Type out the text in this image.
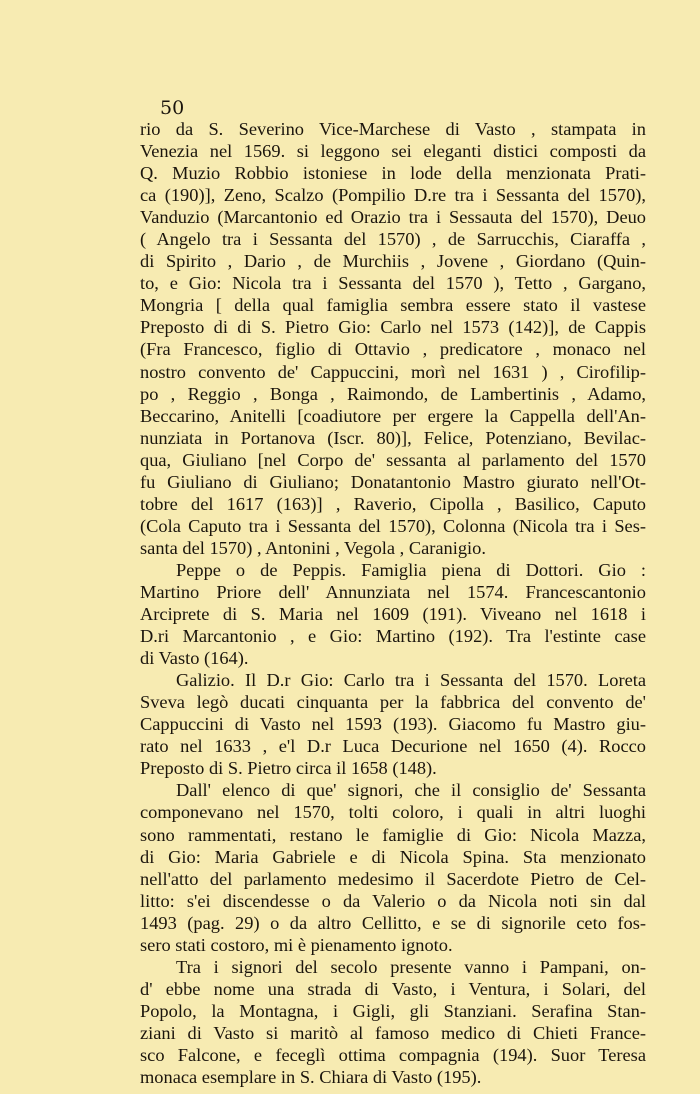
50
rio da S. Severino Vice-Marchese di Vasto , stampata in
Venezia nel 1569. si leggono sei eleganti distici composti da
Q. Muzio Robbio istoniese in lode della menzionata Prati-
ca (190)], Zeno, Scalzo (Pompilio D.re tra i Sessanta del 1570),
Vanduzio (Marcantonio ed Orazio tra i Sessauta del 1570), Deuo
( Angelo tra i Sessanta del 1570) , de Sarrucchis, Ciaraffa ,
di Spirito , Dario , de Murchiis , Jovene , Giordano (Quin-
to, e Gio: Nicola tra i Sessanta del 1570 ), Tetto , Gargano,
Mongria [ della qual famiglia sembra essere stato il vastese
Preposto di di S. Pietro Gio: Carlo nel 1573 (142)], de Cappis
(Fra Francesco, figlio di Ottavio , predicatore , monaco nel
nostro convento de' Cappuccini, morì nel 1631 ) , Cirofilip-
po , Reggio , Bonga , Raimondo, de Lambertinis , Adamo,
Beccarino, Anitelli [coadiutore per ergere la Cappella dell'An-
nunziata in Portanova (Iscr. 80)], Felice, Potenziano, Bevilac-
qua, Giuliano [nel Corpo de' sessanta al parlamento del 1570
fu Giuliano di Giuliano; Donatantonio Mastro giurato nell'Ot-
tobre del 1617 (163)] , Raverio, Cipolla , Basilico, Caputo
(Cola Caputo tra i Sessanta del 1570), Colonna (Nicola tra i Ses-
santa del 1570) , Antonini , Vegola , Caranigio.
Peppe o de Peppis. Famiglia piena di Dottori. Gio :
Martino Priore dell' Annunziata nel 1574. Francescantonio
Arciprete di S. Maria nel 1609 (191). Viveano nel 1618 i
D.ri Marcantonio , e Gio: Martino (192). Tra l'estinte case
di Vasto (164).
Galizio. Il D.r Gio: Carlo tra i Sessanta del 1570. Loreta
Sveva legò ducati cinquanta per la fabbrica del convento de'
Cappuccini di Vasto nel 1593 (193). Giacomo fu Mastro giu-
rato nel 1633 , e'l D.r Luca Decurione nel 1650 (4). Rocco
Preposto di S. Pietro circa il 1658 (148).
Dall' elenco di que' signori, che il consiglio de' Sessanta
componevano nel 1570, tolti coloro, i quali in altri luoghi
sono rammentati, restano le famiglie di Gio: Nicola Mazza,
di Gio: Maria Gabriele e di Nicola Spina. Sta menzionato
nell'atto del parlamento medesimo il Sacerdote Pietro de Cel-
litto: s'ei discendesse o da Valerio o da Nicola noti sin dal
1493 (pag. 29) o da altro Cellitto, e se di signorile ceto fos-
sero stati costoro, mi è pienamento ignoto.
Tra i signori del secolo presente vanno i Pampani, on-
d' ebbe nome una strada di Vasto, i Ventura, i Solari, del
Popolo, la Montagna, i Gigli, gli Stanziani. Serafina Stan-
ziani di Vasto si maritò al famoso medico di Chieti France-
sco Falcone, e feceglì ottima compagnia (194). Suor Teresa
monaca esemplare in S. Chiara di Vasto (195).
